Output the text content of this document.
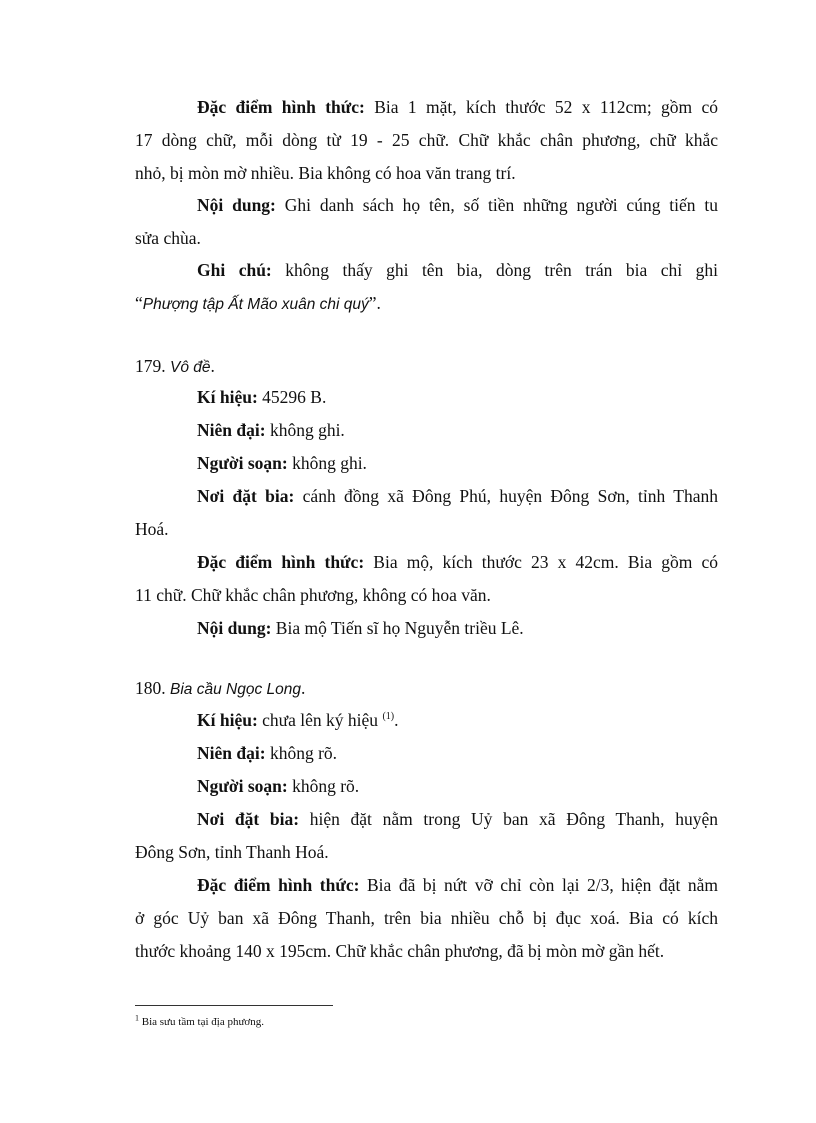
Đặc điểm hình thức: Bia 1 mặt, kích thước 52 x 112cm; gồm có
17 dòng chữ, mỗi dòng từ 19 - 25 chữ. Chữ khắc chân phương, chữ khắc
nhỏ, bị mòn mờ nhiều. Bia không có hoa văn trang trí.
Nội dung: Ghi danh sách họ tên, số tiền những người cúng tiến tu
sửa chùa.
Ghi chú: không thấy ghi tên bia, dòng trên trán bia chỉ ghi
“Phượng tập Ất Mão xuân chi quý”.
179. Vô đề.
Kí hiệu: 45296 B.
Niên đại: không ghi.
Người soạn: không ghi.
Nơi đặt bia: cánh đồng xã Đông Phú, huyện Đông Sơn, tỉnh Thanh
Hoá.
Đặc điểm hình thức: Bia mộ, kích thước 23 x 42cm. Bia gồm có
11 chữ. Chữ khắc chân phương, không có hoa văn.
Nội dung: Bia mộ Tiến sĩ họ Nguyễn triều Lê.
180. Bia cầu Ngọc Long.
Kí hiệu: chưa lên ký hiệu $^{(1)}$.
Niên đại: không rõ.
Người soạn: không rõ.
Nơi đặt bia: hiện đặt nằm trong Uỷ ban xã Đông Thanh, huyện
Đông Sơn, tỉnh Thanh Hoá.
Đặc điểm hình thức: Bia đã bị nứt vỡ chỉ còn lại 2/3, hiện đặt nằm
ở góc Uỷ ban xã Đông Thanh, trên bia nhiều chỗ bị đục xoá. Bia có kích
thước khoảng 140 x 195cm. Chữ khắc chân phương, đã bị mòn mờ gần hết.
$^1$ Bia sưu tầm tại địa phương.
